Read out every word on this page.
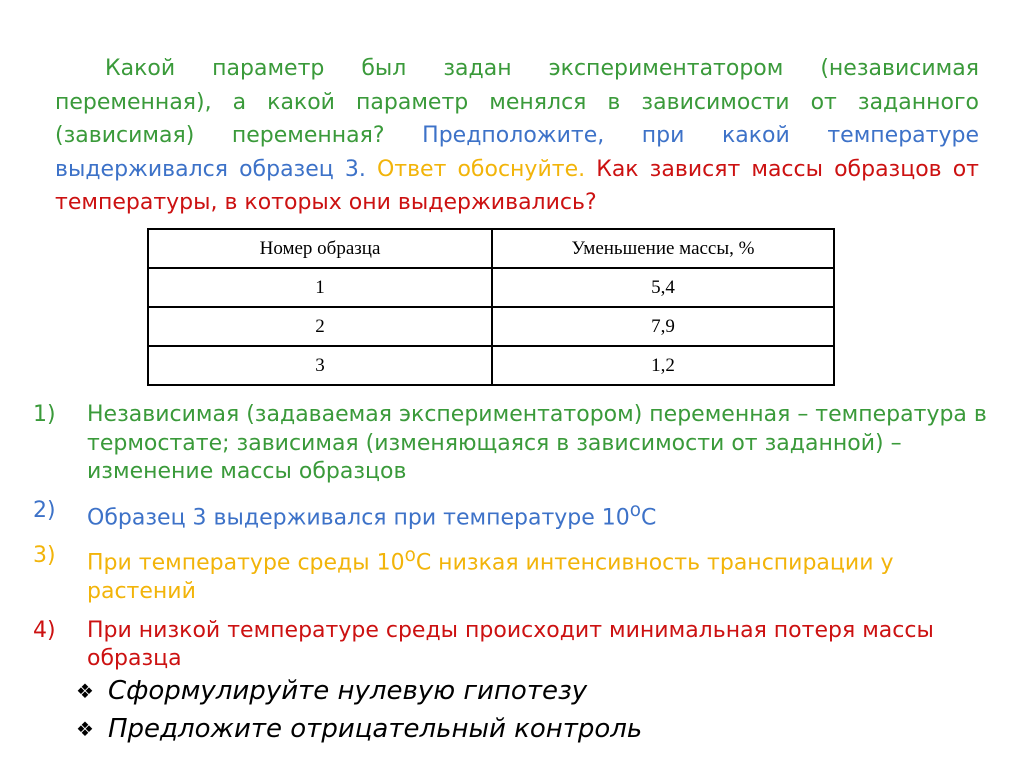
Какой параметр был задан экспериментатором (независимая переменная), а какой параметр менялся в зависимости от заданного (зависимая) переменная? Предположите, при какой температуре выдерживался образец 3. Ответ обоснуйте. Как зависят массы образцов от температуры, в которых они выдерживались?
Номер образца	Уменьшение массы, %
1	5,4
2	7,9
3	1,2
1)	Независимая (задаваемая экспериментатором) переменная – температура в термостате; зависимая (изменяющаяся в зависимости от заданной) – изменение массы образцов
2)	Образец 3 выдерживался при температуре 10$^o$C
3)	При температуре среды 10$^o$C низкая интенсивность транспирации у растений
4)	При низкой температуре среды происходит минимальная потеря массы образца
❖ Сформулируйте нулевую гипотезу
❖ Предложите отрицательный контроль
